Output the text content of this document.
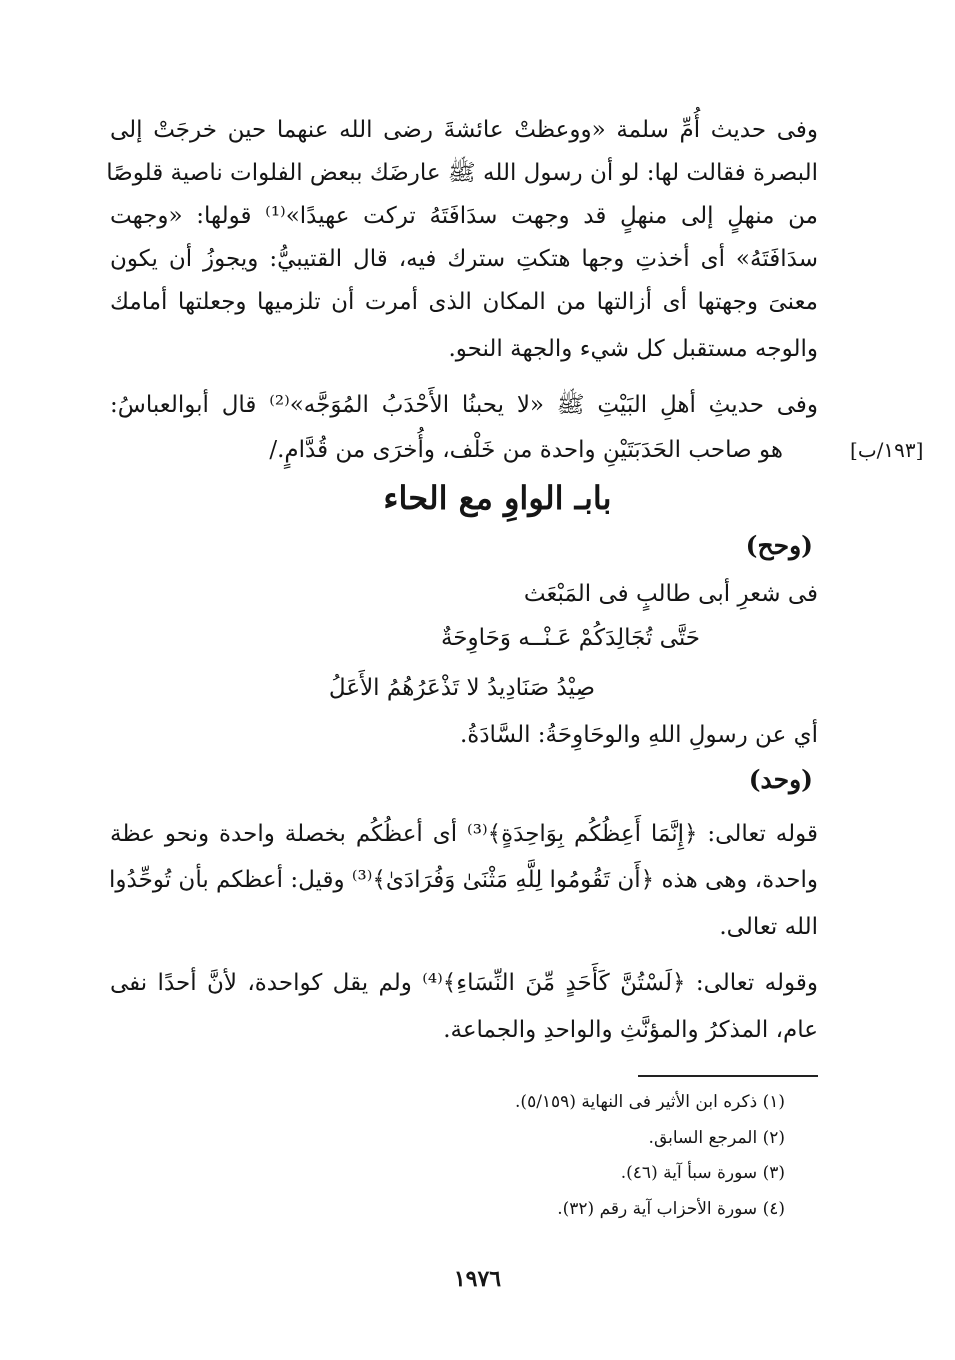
وفى حديث أُمِّ سلمة «ووعظتْ عائشةَ رضى الله عنهما حين خرجَتْ إلى
البصرة فقالت لها: لو أن رسول الله ﷺ عارضَك ببعض الفلوات ناصية قلوصًا
من منهلٍ إلى منهلٍ قد وجهت سدَافَتَهُ تركت عهيدًا»⁽¹⁾ قولها: «وجهت
سدَافَتَهُ» أى أخذتِ وجها هتكتِ سترك فيه، قال القتيبيُّ: ويجوزُ أن يكون
معنىَ وجهتها أى أزالتها من المكان الذى أمرت أن تلزميها وجعلتها أمامك
والوجه مستقبل كل شيء والجهة النحو.
وفى حديثِ أهلِ البَيْتِ ﷺ «لا يحبنُا الأَحْدَبُ المُوَجَّه»⁽²⁾ قال أبوالعباسُ:
هو صاحب الحَدَبَتَيْنِ واحدة من خَلْف، وأُخرَى من قُدَّامٍ./	[١٩٣/ب]
بابـ الواوِ مع الحاء
(وحح)
فى شعرِ أبى طالبٍ فى المَبْعَث
حَتَّى تُجَالِدَكُمْ عَـنْــه وَحَاوِحَةٌ
صِيْدُ صَنَادِيدُ لا تَذْعَرُهُمُ الأَعَلُ
أي عن رسولِ اللهِ والوحَاوِحَةُ: السَّادَةُ.
(وحد)
قوله تعالى: ﴿إِنَّمَا أَعِظُكُم بِوَاحِدَةٍ﴾⁽³⁾ أى أعظُكُم بخصلة واحدة ونحو عظة
واحدة، وهى هذه ﴿أَن تَقُومُوا لِلَّهِ مَثْنَىٰ وَفُرَادَىٰ﴾⁽³⁾ وقيل: أعظكم بأن تُوحِّدُوا
الله تعالى.
وقوله تعالى: ﴿لَسْتُنَّ كَأَحَدٍ مِّنَ النِّسَاءِ﴾⁽⁴⁾ ولم يقل كواحدة، لأنَّ أحدًا نفى
عام، المذكرُ والمؤنَّثِ والواحدِ والجماعة.
(١) ذكره ابن الأثير فى النهاية (٥/١٥٩).
(٢) المرجع السابق.
(٣) سورة سبأ آية (٤٦).
(٤) سورة الأحزاب آية رقم (٣٢).
١٩٧٦
